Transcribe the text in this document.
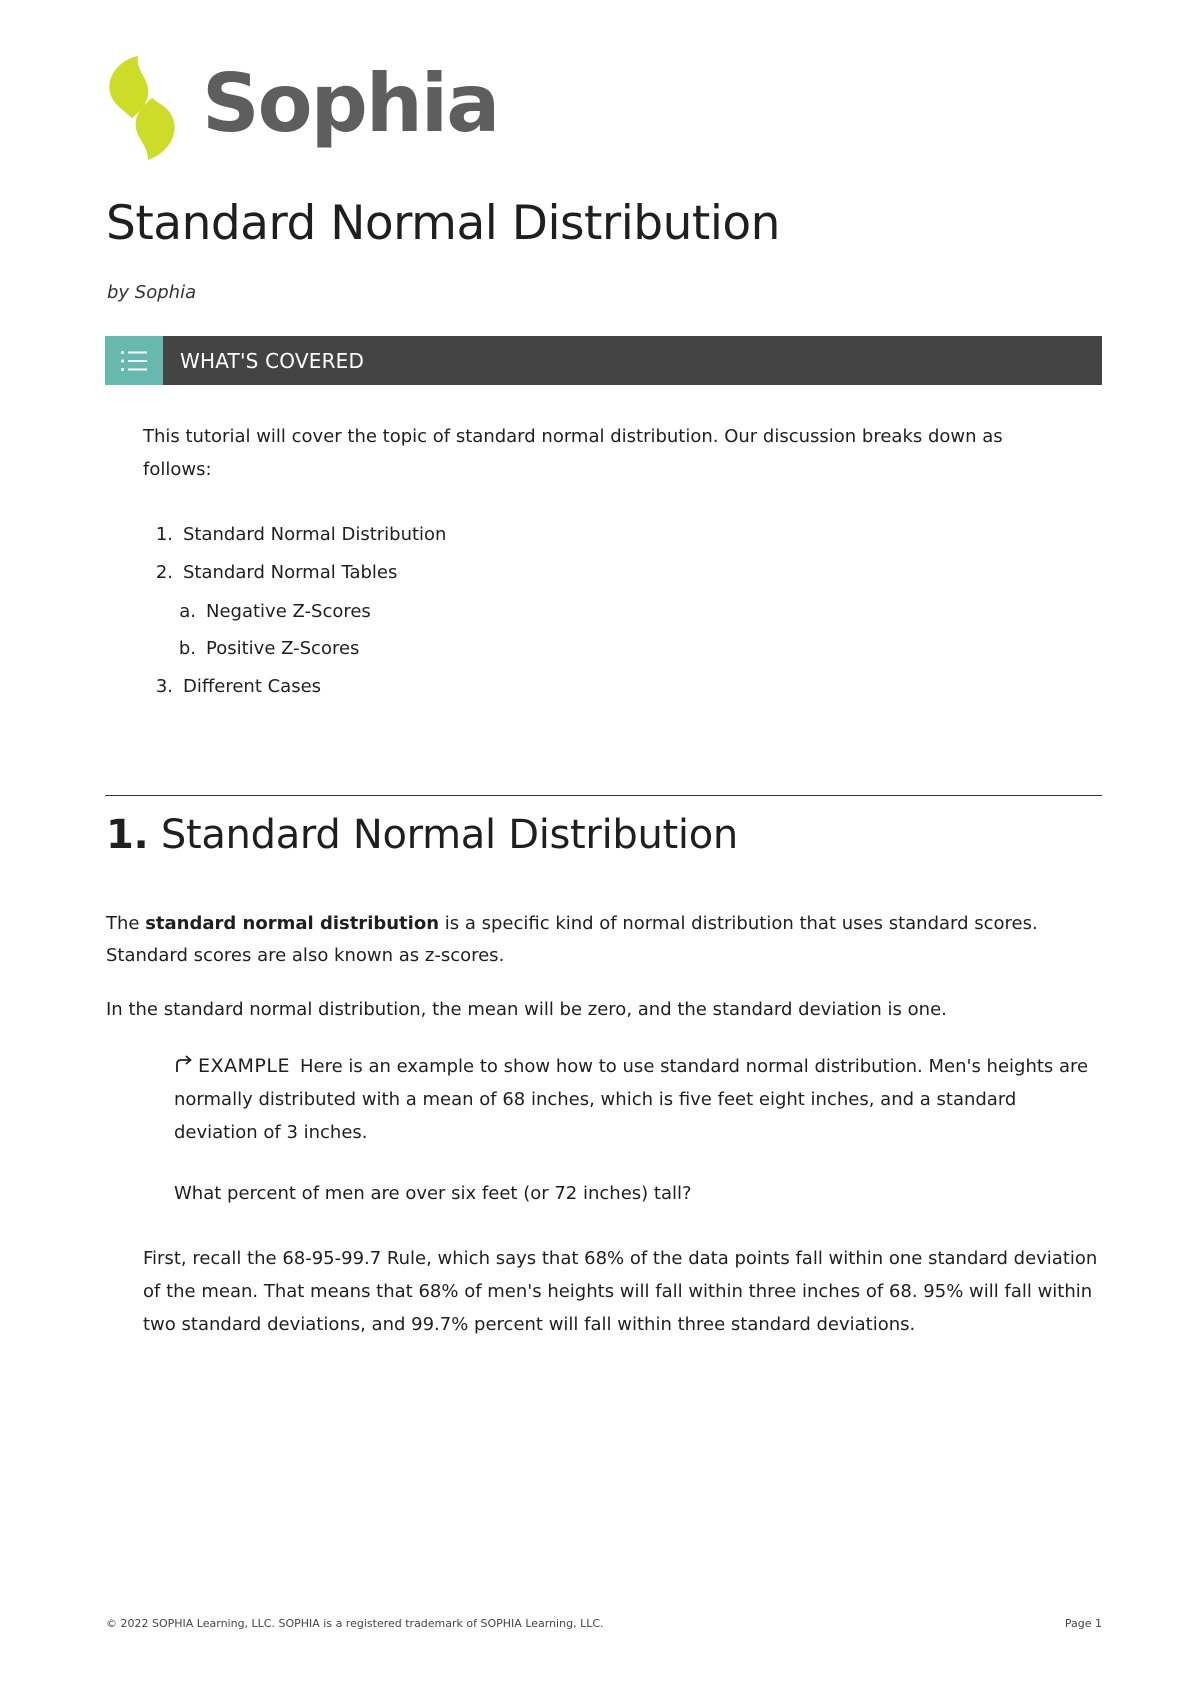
Sophia
Standard Normal Distribution
by Sophia
WHAT'S COVERED
This tutorial will cover the topic of standard normal distribution. Our discussion breaks down as follows:
1. Standard Normal Distribution
2. Standard Normal Tables
a. Negative Z-Scores
b. Positive Z-Scores
3. Different Cases
1. Standard Normal Distribution

The standard normal distribution is a specific kind of normal distribution that uses standard scores. Standard scores are also known as z-scores.

In the standard normal distribution, the mean will be zero, and the standard deviation is one.

EXAMPLE Here is an example to show how to use standard normal distribution. Men's heights are normally distributed with a mean of 68 inches, which is five feet eight inches, and a standard deviation of 3 inches.
What percent of men are over six feet (or 72 inches) tall?

First, recall the 68-95-99.7 Rule, which says that 68% of the data points fall within one standard deviation of the mean. That means that 68% of men's heights will fall within three inches of 68. 95% will fall within two standard deviations, and 99.7% percent will fall within three standard deviations.

© 2022 SOPHIA Learning, LLC. SOPHIA is a registered trademark of SOPHIA Learning, LLC.	Page 1
